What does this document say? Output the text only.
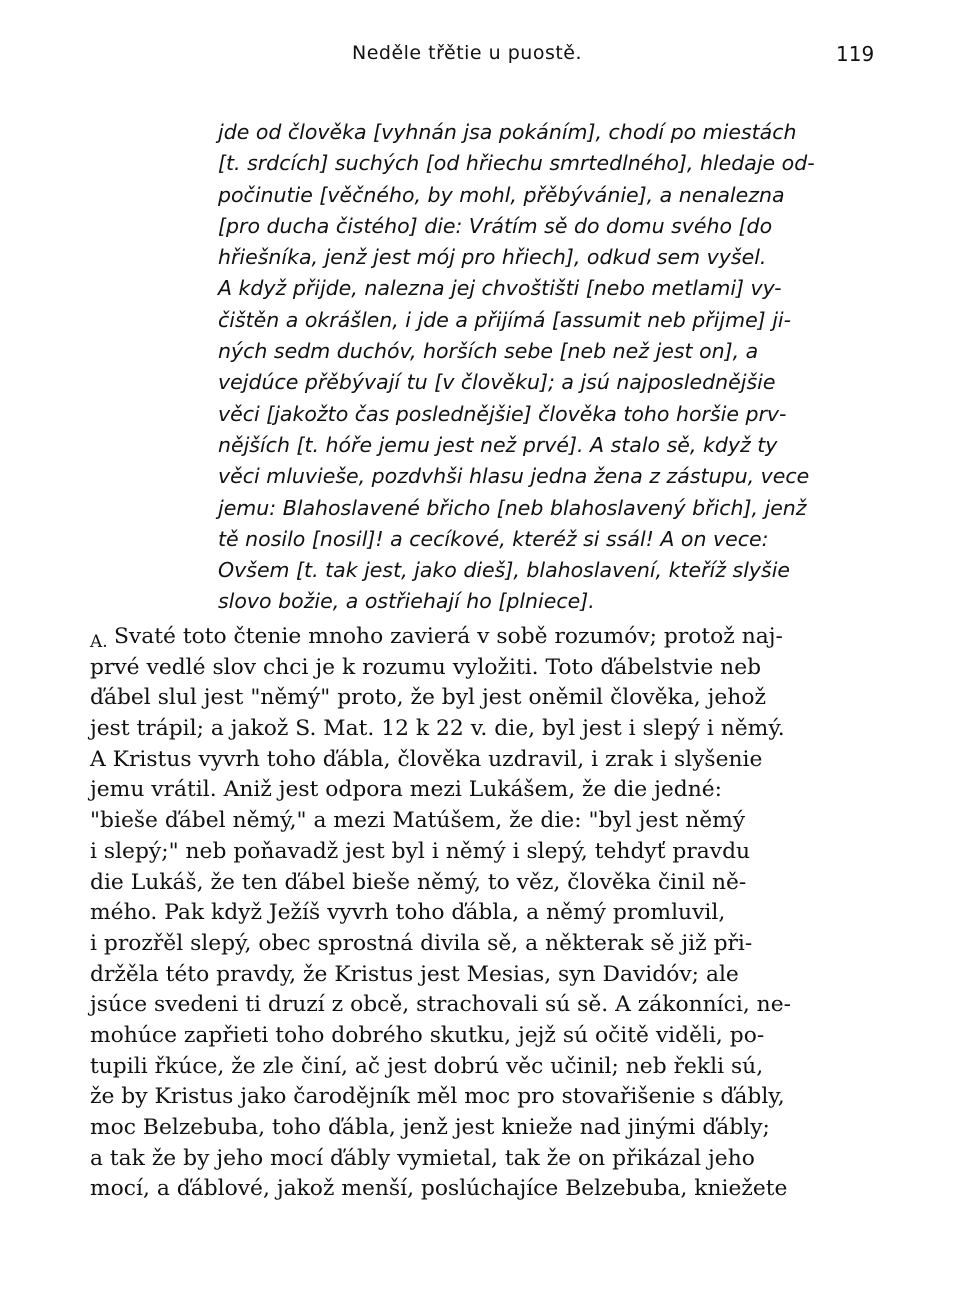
Neděle třětie u puostě.	119
jde od člověka [vyhnán jsa pokáním], chodí po miestách
[t. srdcích] suchých [od hřiechu smrtedlného], hledaje od-
počinutie [věčného, by mohl, přěbývánie], a nenalezna
[pro ducha čistého] die: Vrátím sě do domu svého [do
hřiešníka, jenž jest mój pro hřiech], odkud sem vyšel.
A když přijde, nalezna jej chvoštišti [nebo metlami] vy-
čištěn a okrášlen, i jde a přijímá [assumit neb přijme] ji-
ných sedm duchóv, horších sebe [neb než jest on], a
vejdúce přěbývají tu [v člověku]; a jsú najposlednějšie
věci [jakožto čas poslednějšie] člověka toho horšie prv-
nějších [t. hóře jemu jest než prvé]. A stalo sě, když ty
věci mluviešе, pozdvhši hlasu jedna žena z zástupu, vece
jemu: Blahoslavené břicho [neb blahoslavený břich], jenž
tě nosilo [nosil]! a cecíkové, kteréž si ssál! A on vece:
Ovšem [t. tak jest, jako dieš], blahoslavení, kteříž slyšie
slovo božie, a ostřiehají ho [plniece].
A. Svaté toto čtenie mnoho zavierá v sobě rozumóv; protož naj-
prvé vedlé slov chci je k rozumu vyložiti. Toto ďábelstvie neb
ďábel slul jest "němý" proto, že byl jest oněmil člověka, jehož
jest trápil; a jakož S. Mat. 12 k 22 v. die, byl jest i slepý i němý.
A Kristus vyvrh toho ďábla, člověka uzdravil, i zrak i slyšenie
jemu vrátil. Aniž jest odpora mezi Lukášem, že die jedné:
"bieše ďábel němý," a mezi Matúšem, že die: "byl jest němý
i slepý;" neb poňavadž jest byl i němý i slepý, tehdyť pravdu
die Lukáš, že ten ďábel bieše němý, to věz, člověka činil ně-
mého. Pak když Ježíš vyvrh toho ďábla, a němý promluvil,
i prozřěl slepý, obec sprostná divila sě, a některak sě již při-
držěla této pravdy, že Kristus jest Mesias, syn Davidóv; ale
jsúce svedeni ti druzí z obcě, strachovali sú sě. A zákonníci, ne-
mohúce zapřieti toho dobrého skutku, jejž sú očitě viděli, po-
tupili řkúce, že zle činí, ač jest dobrú věc učinil; neb řekli sú,
že by Kristus jako čarodějník měl moc pro stovařišenie s ďábly,
moc Belzebuba, toho ďábla, jenž jest knieže nad jinými ďábly;
a tak že by jeho mocí ďábly vymietal, tak že on přikázal jeho
mocí, a ďáblové, jakož menší, poslúchajíce Belzebuba, kniežete
